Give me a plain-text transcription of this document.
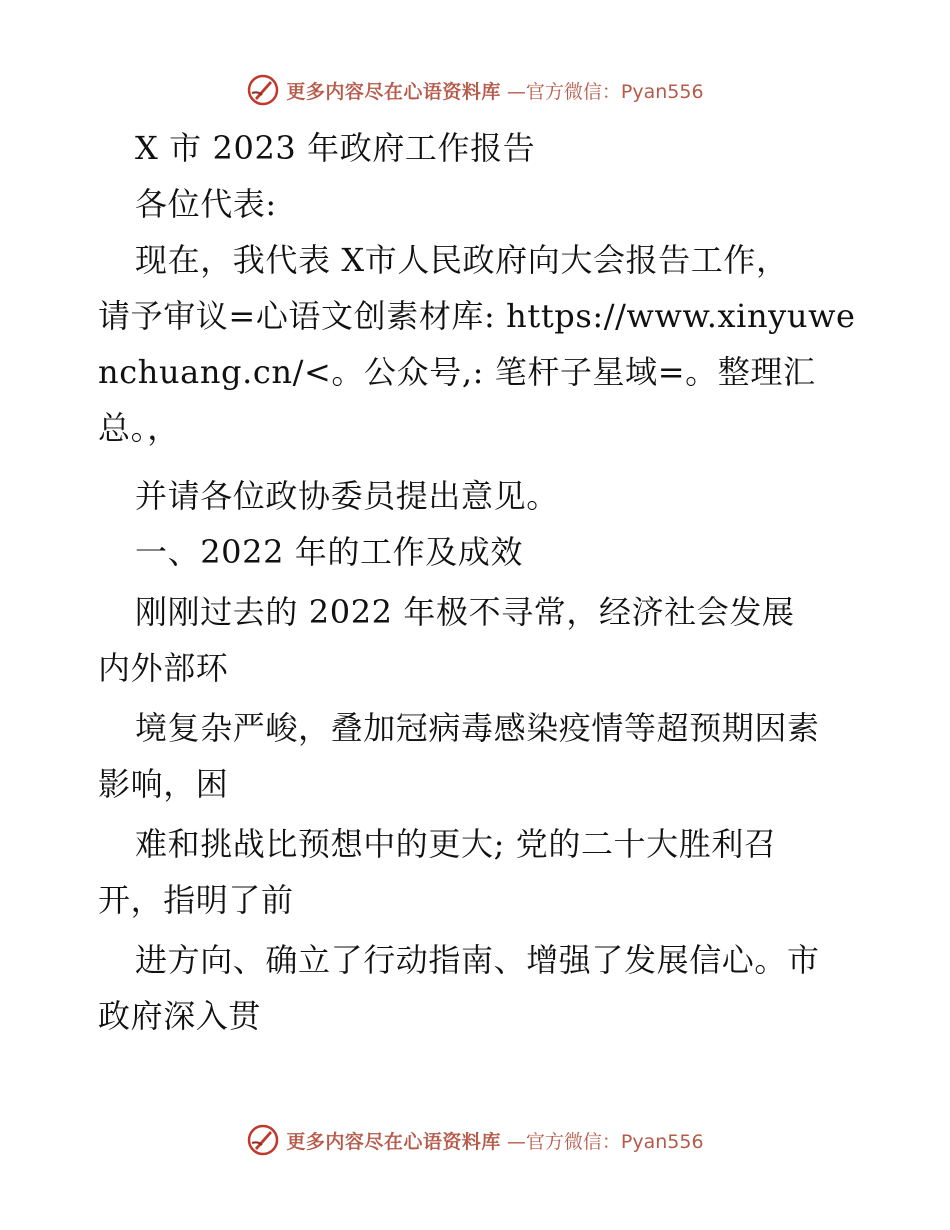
更多内容尽在心语资料库 —官方微信：Pyan556
X 市 2023 年政府工作报告
各位代表:
现在，我代表 X市人民政府向大会报告工作，
请予审议=心语文创素材库: https://www.xinyuwe
nchuang.cn/<。公众号,: 笔杆子星域=。整理汇
总。，
并请各位政协委员提出意见。
一、2022 年的工作及成效
刚刚过去的 2022 年极不寻常，经济社会发展
内外部环
境复杂严峻，叠加冠病毒感染疫情等超预期因素
影响，困
难和挑战比预想中的更大; 党的二十大胜利召
开，指明了前
进方向、确立了行动指南、增强了发展信心。市
政府深入贯
更多内容尽在心语资料库 —官方微信：Pyan556
